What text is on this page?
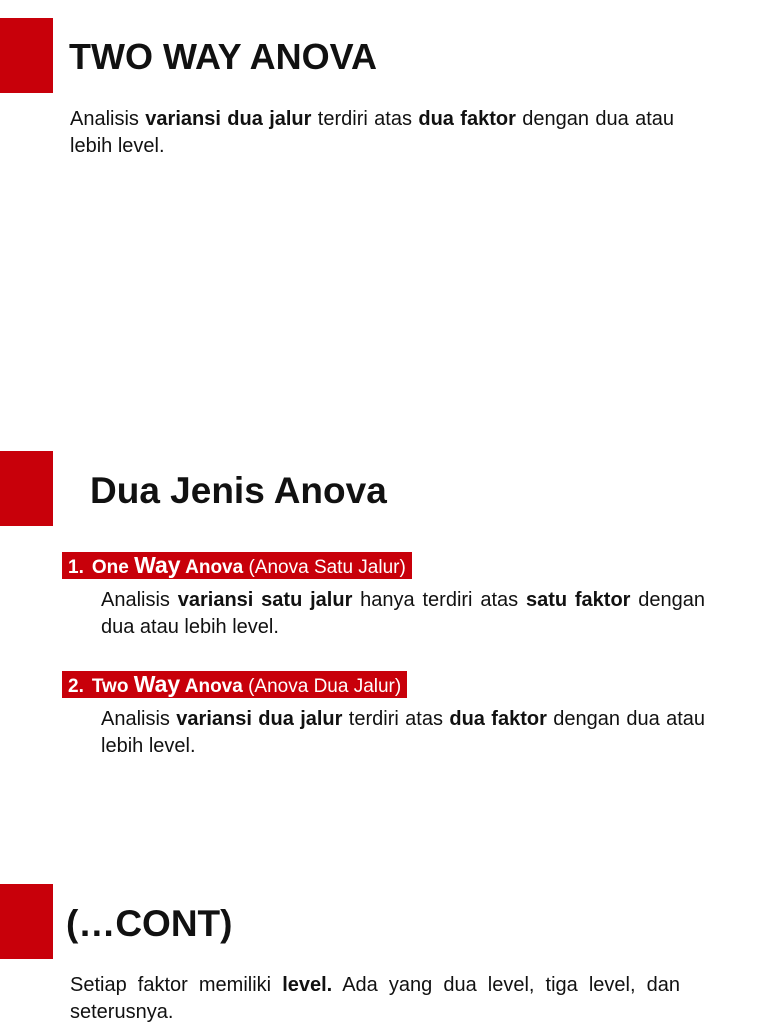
TWO WAY ANOVA

Analisis variansi dua jalur terdiri atas dua faktor dengan dua atau lebih level.

Dua Jenis Anova
1. One Way Anova (Anova Satu Jalur)

Analisis variansi satu jalur hanya terdiri atas satu faktor dengan dua atau lebih level.

2. Two Way Anova (Anova Dua Jalur)

Analisis variansi dua jalur terdiri atas dua faktor dengan dua atau lebih level.

(…CONT)

Setiap faktor memiliki level. Ada yang dua level, tiga level, dan seterusnya.
